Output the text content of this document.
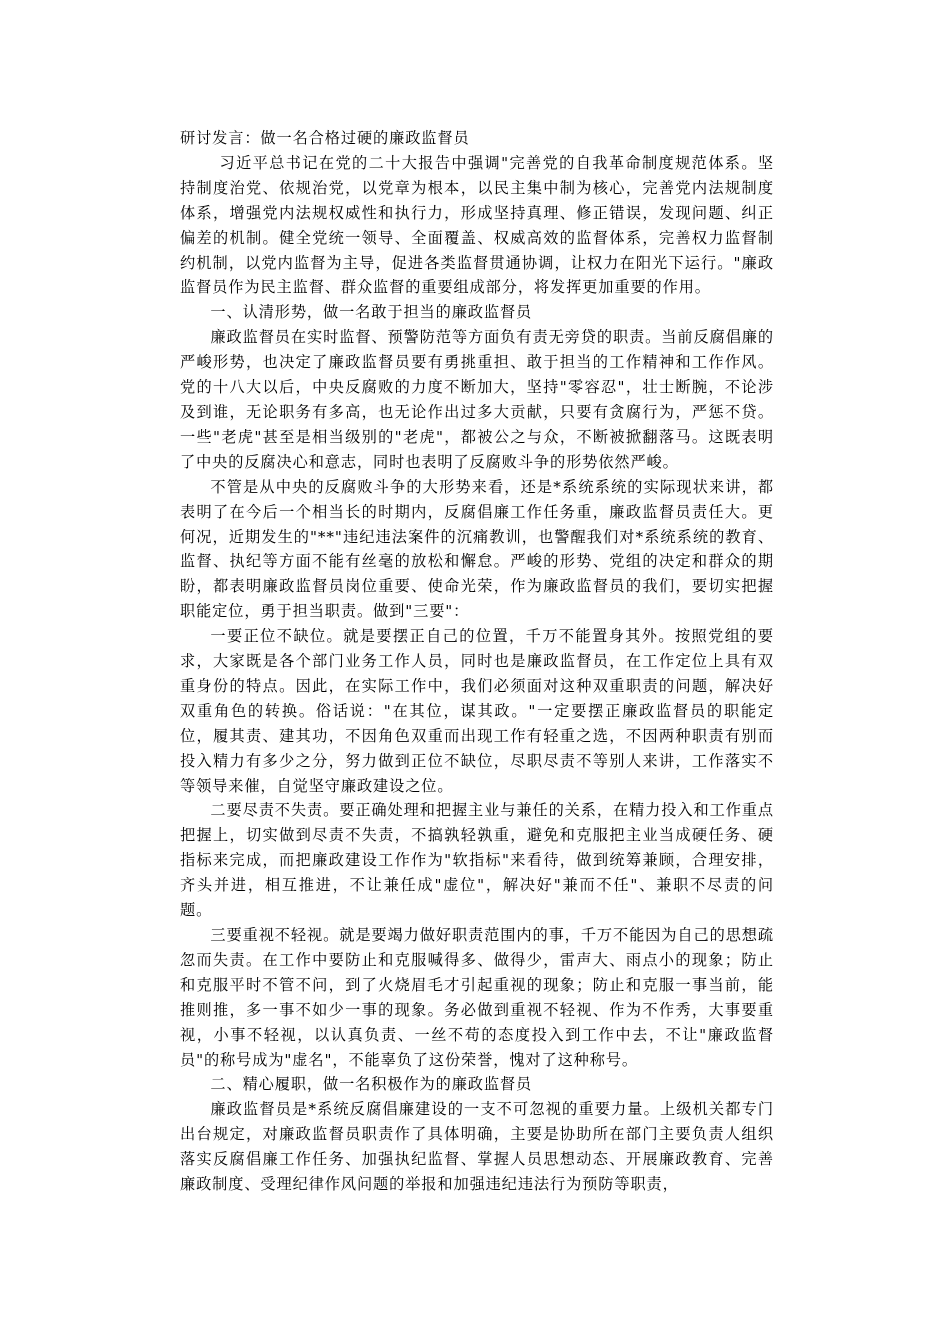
研讨发言：做一名合格过硬的廉政监督员

习近平总书记在党的二十大报告中强调"完善党的自我革命制度规范体系。坚持制度治党、依规治党，以党章为根本，以民主集中制为核心，完善党内法规制度体系，增强党内法规权威性和执行力，形成坚持真理、修正错误，发现问题、纠正偏差的机制。健全党统一领导、全面覆盖、权威高效的监督体系，完善权力监督制约机制，以党内监督为主导，促进各类监督贯通协调，让权力在阳光下运行。"廉政监督员作为民主监督、群众监督的重要组成部分，将发挥更加重要的作用。

一、认清形势，做一名敢于担当的廉政监督员

廉政监督员在实时监督、预警防范等方面负有责无旁贷的职责。当前反腐倡廉的严峻形势，也决定了廉政监督员要有勇挑重担、敢于担当的工作精神和工作作风。党的十八大以后，中央反腐败的力度不断加大，坚持"零容忍"，壮士断腕，不论涉及到谁，无论职务有多高，也无论作出过多大贡献，只要有贪腐行为，严惩不贷。一些"老虎"甚至是相当级别的"老虎"，都被公之与众，不断被掀翻落马。这既表明了中央的反腐决心和意志，同时也表明了反腐败斗争的形势依然严峻。

不管是从中央的反腐败斗争的大形势来看，还是*系统系统的实际现状来讲，都表明了在今后一个相当长的时期内，反腐倡廉工作任务重，廉政监督员责任大。更何况，近期发生的"**"违纪违法案件的沉痛教训，也警醒我们对*系统系统的教育、监督、执纪等方面不能有丝毫的放松和懈怠。严峻的形势、党组的决定和群众的期盼，都表明廉政监督员岗位重要、使命光荣，作为廉政监督员的我们，要切实把握职能定位，勇于担当职责。做到"三要"：

一要正位不缺位。就是要摆正自己的位置，千万不能置身其外。按照党组的要求，大家既是各个部门业务工作人员，同时也是廉政监督员，在工作定位上具有双重身份的特点。因此，在实际工作中，我们必须面对这种双重职责的问题，解决好双重角色的转换。俗话说："在其位，谋其政。"一定要摆正廉政监督员的职能定位，履其责、建其功，不因角色双重而出现工作有轻重之选，不因两种职责有别而投入精力有多少之分，努力做到正位不缺位，尽职尽责不等别人来讲，工作落实不等领导来催，自觉坚守廉政建设之位。

二要尽责不失责。要正确处理和把握主业与兼任的关系，在精力投入和工作重点把握上，切实做到尽责不失责，不搞孰轻孰重，避免和克服把主业当成硬任务、硬指标来完成，而把廉政建设工作作为"软指标"来看待，做到统筹兼顾，合理安排，齐头并进，相互推进，不让兼任成"虚位"，解决好"兼而不任"、兼职不尽责的问题。

三要重视不轻视。就是要竭力做好职责范围内的事，千万不能因为自己的思想疏忽而失责。在工作中要防止和克服喊得多、做得少，雷声大、雨点小的现象；防止和克服平时不管不问，到了火烧眉毛才引起重视的现象；防止和克服一事当前，能推则推，多一事不如少一事的现象。务必做到重视不轻视、作为不作秀，大事要重视，小事不轻视，以认真负责、一丝不苟的态度投入到工作中去，不让"廉政监督员"的称号成为"虚名"，不能辜负了这份荣誉，愧对了这种称号。

二、精心履职，做一名积极作为的廉政监督员

廉政监督员是*系统反腐倡廉建设的一支不可忽视的重要力量。上级机关都专门出台规定，对廉政监督员职责作了具体明确，主要是协助所在部门主要负责人组织落实反腐倡廉工作任务、加强执纪监督、掌握人员思想动态、开展廉政教育、完善廉政制度、受理纪律作风问题的举报和加强违纪违法行为预防等职责，
